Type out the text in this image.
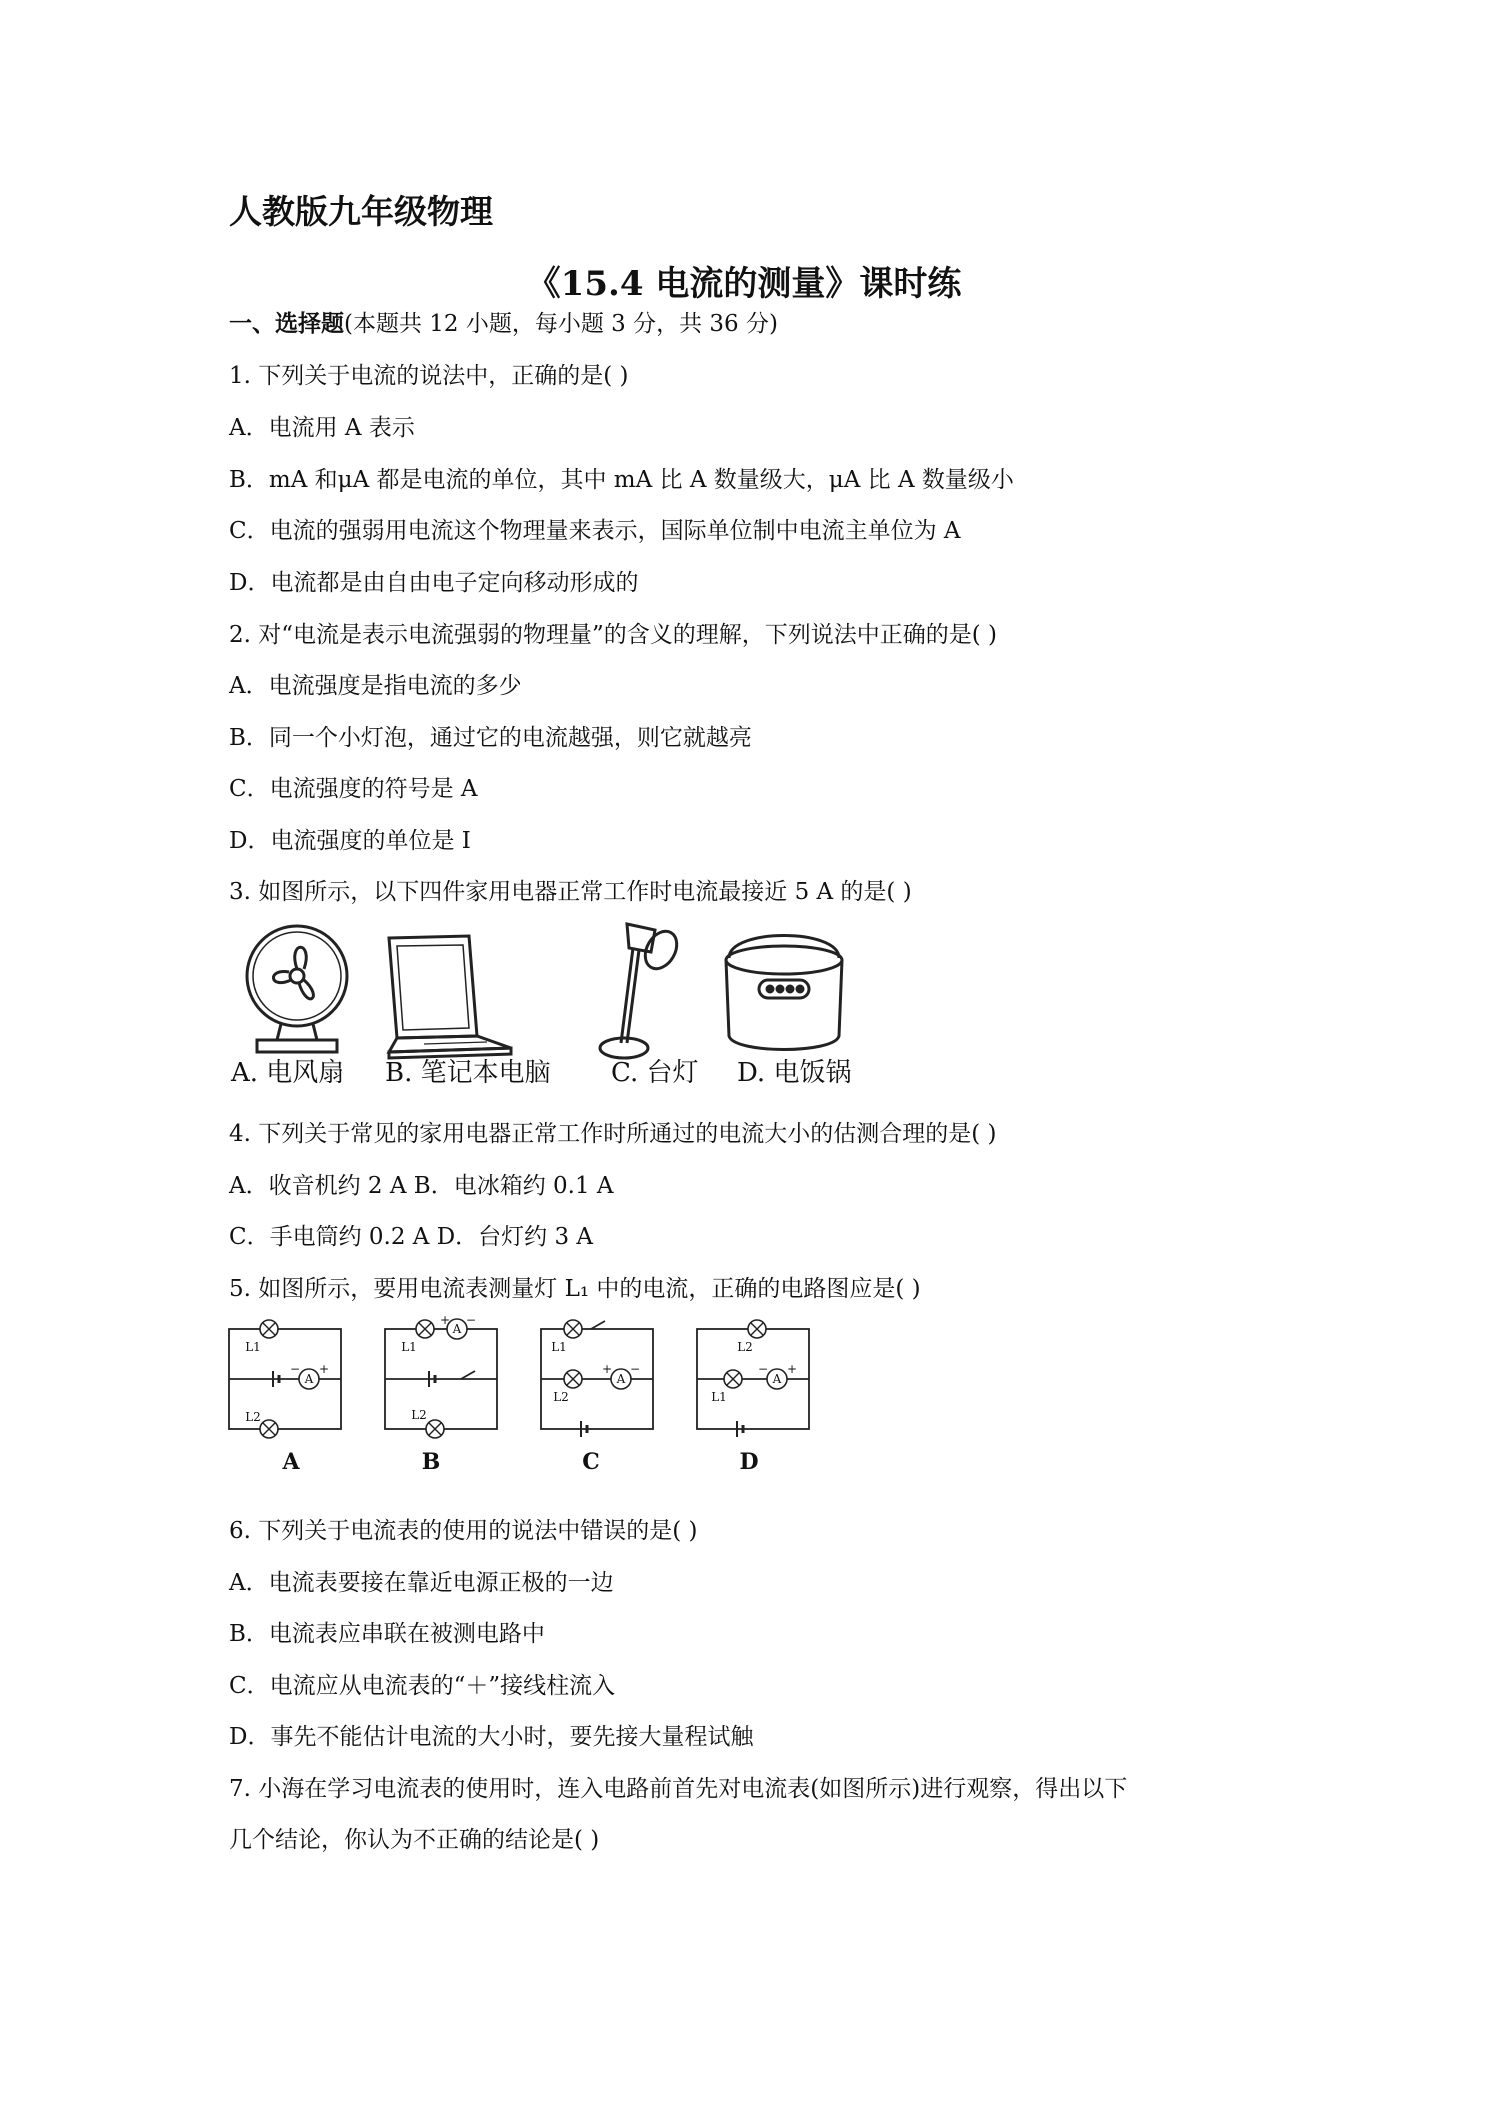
人教版九年级物理
《15.4 电流的测量》课时练
一、选择题(本题共 12 小题，每小题 3 分，共 36 分)
1. 下列关于电流的说法中，正确的是( )
A．电流用 A 表示
B．mA 和μA 都是电流的单位，其中 mA 比 A 数量级大，μA 比 A 数量级小
C．电流的强弱用电流这个物理量来表示，国际单位制中电流主单位为 A
D．电流都是由自由电子定向移动形成的
2. 对“电流是表示电流强弱的物理量”的含义的理解，下列说法中正确的是( )
A．电流强度是指电流的多少
B．同一个小灯泡，通过它的电流越强，则它就越亮
C．电流强度的符号是 A
D．电流强度的单位是 I
3. 如图所示，以下四件家用电器正常工作时电流最接近 5 A 的是( )
A. 电风扇 B. 笔记本电脑 C. 台灯 D. 电饭锅
4. 下列关于常见的家用电器正常工作时所通过的电流大小的估测合理的是( )
A．收音机约 2 A B．电冰箱约 0.1 A
C．手电筒约 0.2 A D．台灯约 3 A
5. 如图所示，要用电流表测量灯 L₁ 中的电流，正确的电路图应是( )
A
A
A	A
− +
+ −
+ −	− +
L1
L2
L1
L2
L1
L2
L2
L1
A	B	C	D
6. 下列关于电流表的使用的说法中错误的是( )
A．电流表要接在靠近电源正极的一边
B．电流表应串联在被测电路中
C．电流应从电流表的“＋”接线柱流入
D．事先不能估计电流的大小时，要先接大量程试触
7. 小海在学习电流表的使用时，连入电路前首先对电流表(如图所示)进行观察，得出以下
几个结论，你认为不正确的结论是( )
